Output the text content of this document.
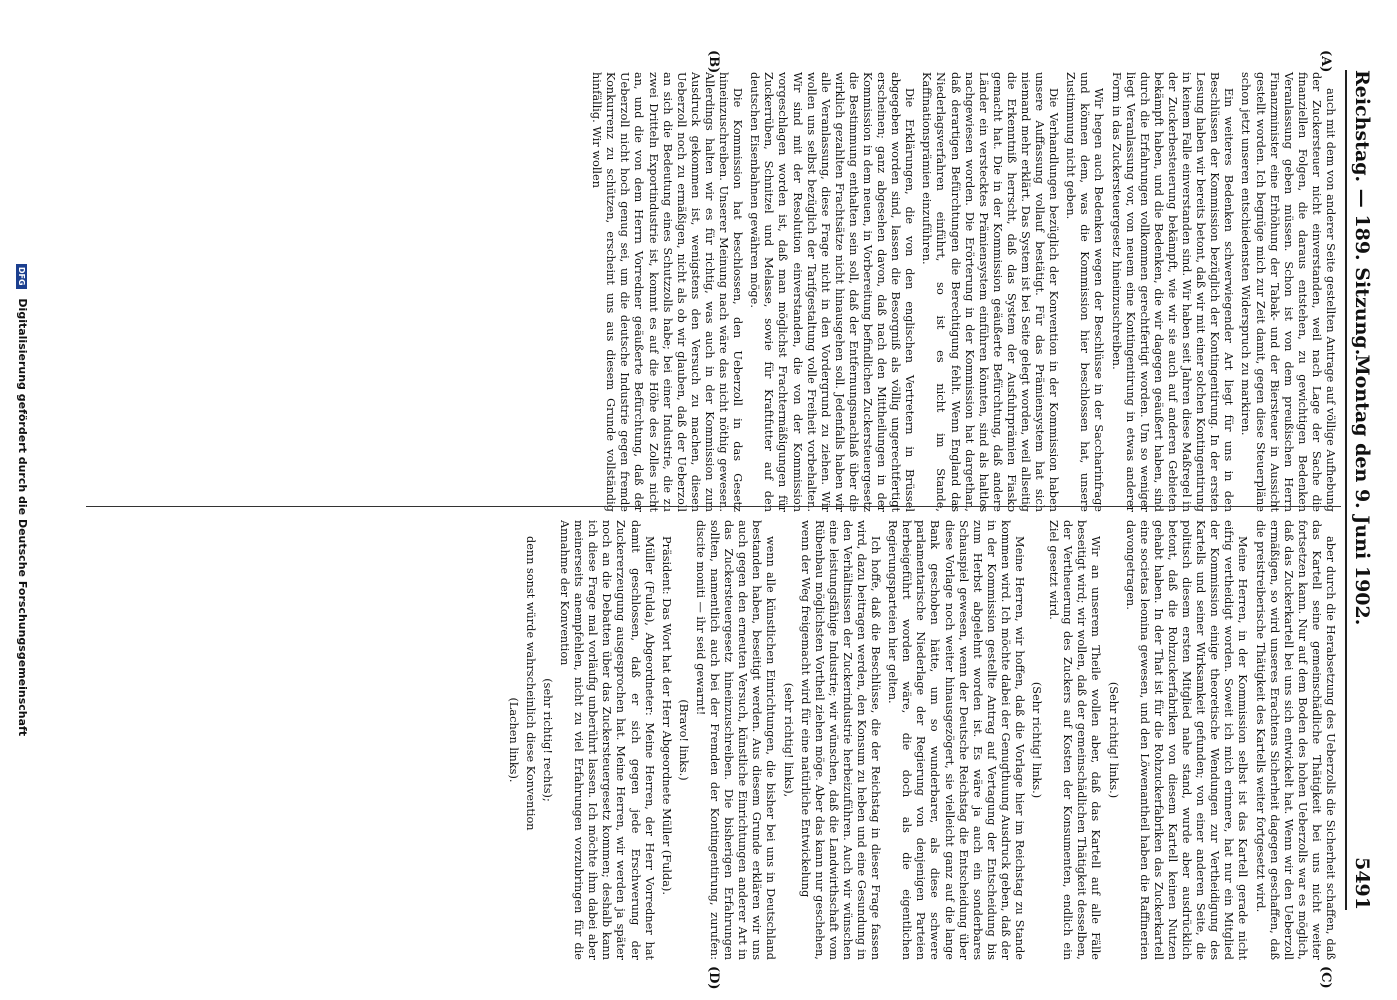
Reichstag. — 189. Sitzung.
Montag den 9. Juni 1902.
5491
(A)
(B)
(C)
(D)

auch mit dem von anderer Seite gestellten Antrage auf völlige Aufhebung der Zuckersteuer nicht einverstanden, weil nach Lage der Sache die finanziellen Folgen, die daraus entstehen, zu gewichtigen Bedenken Veranlassung geben müssen. Schon ist von dem preußischen Herrn Finanzminister eine Erhöhung der Tabak- und der Biersteuer in Aussicht gestellt worden. Ich begnüge mich zur Zeit damit, gegen diese Steuerpläne schon jetzt unseren entschiedensten Widerspruch zu markiren.

Ein weiteres Bedenken schwerwiegender Art liegt für uns in den Beschlüssen der Kommission bezüglich der Kontingentirung. In der ersten Lesung haben wir bereits betont, daß wir mit einer solchen Kontingentirung in keinem Falle einverstanden sind. Wir haben seit Jahren diese Maßregel in der Zuckerbesteuerung bekämpft, wie wir sie auch auf anderen Gebieten bekämpft haben, und die Bedenken, die wir dagegen geäußert haben, sind durch die Erfahrungen vollkommen gerechtfertigt worden. Um so weniger liegt Veranlassung vor, von neuem eine Kontingentirung in etwas anderer Form in das Zuckersteuergesetz hineinzuschreiben.

Wir hegen auch Bedenken wegen der Beschlüsse in der Saccharinfrage und können dem, was die Kommission hier beschlossen hat, unsere Zustimmung nicht geben.

Die Verhandlungen bezüglich der Konvention in der Kommission haben unsere Auffassung vollauf bestätigt. Für das Prämiensystem hat sich niemand mehr erklärt. Das System ist bei Seite gelegt worden, weil allseitig die Erkenntniß herrscht, daß das System der Ausfuhrprämien Fiasko gemacht hat. Die in der Kommission geäußerte Befürchtung, daß andere Länder ein verstecktes Prämiensystem einführen könnten, sind als haltlos nachgewiesen worden. Die Erörterung in der Kommission hat dargethan, daß derartigen Befürchtungen die Berechtigung fehlt. Wenn England das Niederlagsverfahren einführt, so ist es nicht im Stande, Kaffinationsprämien einzuführen.

Die Erklärungen, die von den englischen Vertretern in Brüssel abgegeben worden sind, lassen die Besorgniß als völlig ungerechtfertigt erscheinen; ganz abgesehen davon, daß nach den Mittheilungen in der Kommission in dem neuen, in Vorbereitung befindlichen Zuckersteuergesetz die Bestimmung enthalten sein soll, daß der Entfernungsnachlaß über die wirklich gezahlten Frachtsätze nicht hinausgehen soll. Jedenfalls haben wir alle Veranlassung, diese Frage nicht in den Vordergrund zu ziehen. Wir wollen uns selbst bezüglich der Tarifgestaltung volle Freiheit vorbehalten. Wir sind mit der Resolution einverstanden, die von der Kommission vorgeschlagen worden ist, daß man möglichst Frachtermäßigungen für Zuckerrüben, Schnitzel und Melasse, sowie für Kraftfutter auf den deutschen Eisenbahnen gewähren möge.

Die Kommission hat beschlossen, den Ueberzoll in das Gesetz hineinzuschreiben. Unserer Meinung nach wäre das nicht nöthig gewesen. Allerdings halten wir es für richtig, was auch in der Kommission zum Ausdruck gekommen ist, wenigstens den Versuch zu machen, diesen Ueberzoll noch zu ermäßigen, nicht als ob wir glauben, daß der Ueberzoll an sich die Bedeutung eines Schutzzolls habe; bei einer Industrie, die zu zwei Dritteln Exportindustrie ist, kommt es auf die Höhe des Zolles nicht an, und die von dem Herrn Vorredner geäußerte Befürchtung, daß der Ueberzoll nicht hoch genug sei, um die deutsche Industrie gegen fremde Konkurrenz zu schützen, erscheint uns aus diesem Grunde vollständig hinfällig. Wir wollen

aber durch die Herabsetzung des Ueberzolls die Sicherheit schaffen, daß das Kartell seine gemeinschädliche Thätigkeit bei uns nicht weiter fortsetzen kann. Nur auf dem Boden des hohen Ueberzolls war es möglich, daß das Zuckerkartell bei uns sich entwickelt hat. Wenn wir den Ueberzoll ermäßigen, so wird unseres Erachtens Sicherheit dagegen geschaffen, daß die preistreiberische Thätigkeit des Kartells weiter fortgesetzt wird.

Meine Herren, in der Kommission selbst ist das Kartell gerade nicht eifrig vertheidigt worden. Soweit ich mich erinnere, hat nur ein Mitglied der Kommission einige theoretische Wendungen zur Vertheidigung des Kartells und seiner Wirksamkeit gefunden; von einer anderen Seite, die politisch diesem ersten Mitglied nahe stand, wurde aber ausdrücklich betont, daß die Rohzuckerfabriken von diesem Kartell keinen Nutzen gehabt haben. In der That ist für die Rohzuckerfabriken das Zuckerkartell eine societas leonina gewesen, und den Löwenantheil haben die Raffinerien davongetragen.

(Sehr richtig! links.)

Wir an unserem Theile wollen aber, daß das Kartell auf alle Fälle beseitigt wird; wir wollen, daß der gemeinschädlichen Thätigkeit desselben, der Vertheuerung des Zuckers auf Kosten der Konsumenten, endlich ein Ziel gesetzt wird.

(Sehr richtig! links.)

Meine Herren, wir hoffen, daß die Vorlage hier im Reichstag zu Stande kommen wird. Ich möchte dabei der Genugthuung Ausdruck geben, daß der in der Kommission gestellte Antrag auf Vertagung der Entscheidung bis zum Herbst abgelehnt worden ist. Es wäre ja auch ein sonderbares Schauspiel gewesen, wenn der Deutsche Reichstag die Entscheidung über diese Vorlage noch weiter hinausgezögert, sie vielleicht ganz auf die lange Bank geschoben hätte, um so wunderbarer, als diese schwere parlamentarische Niederlage der Regierung von denjenigen Parteien herbeigeführt worden wäre, die doch als die eigentlichen Regierungsparteien hier gelten.

Ich hoffe, daß die Beschlüsse, die der Reichstag in dieser Frage fassen wird, dazu beitragen werden, den Konsum zu heben und eine Gesundung in den Verhältnissen der Zuckerindustrie herbeizuführen. Auch wir wünschen eine leistungsfähige Industrie; wir wünschen, daß die Landwirthschaft vom Rübenbau möglichsten Vortheil ziehen möge. Aber das kann nur geschehen, wenn der Weg freigemacht wird für eine natürliche Entwickelung

(sehr richtig! links),

wenn alle künstlichen Einrichtungen, die bisher bei uns in Deutschland bestanden haben, beseitigt werden. Aus diesem Grunde erklären wir uns auch gegen den erneuten Versuch, künstliche Einrichtungen anderer Art in das Zuckersteuergesetz hineinzuschreiben. Die bisherigen Erfahrungen sollten, namentlich auch bei der Fremden der Kontingentirung, zurufen: discite moniti — ihr seid gewarnt!

(Bravo! links.)

Präsident: Das Wort hat der Herr Abgeordnete Müller (Fulda).

Müller (Fulda), Abgeordneter: Meine Herren, der Herr Vorredner hat damit geschlossen, daß er sich gegen jede Erschwerung der Zuckererzeugung ausgesprochen hat. Meine Herren, wir werden ja später noch an die Debatten über das Zuckersteuergesetz kommen; deshalb kann ich diese Frage mal vorläufig unberührt lassen. Ich möchte ihm dabei aber meinerseits anempfehlen, nicht zu viel Erfahrungen vorzubringen für die Annahme der Konvention

(sehr richtig! rechts);

denn sonst würde wahrscheinlich diese Konvention

(Lachen links).

DFG Digitalisierung gefördert durch die Deutsche Forschungsgemeinschaft
